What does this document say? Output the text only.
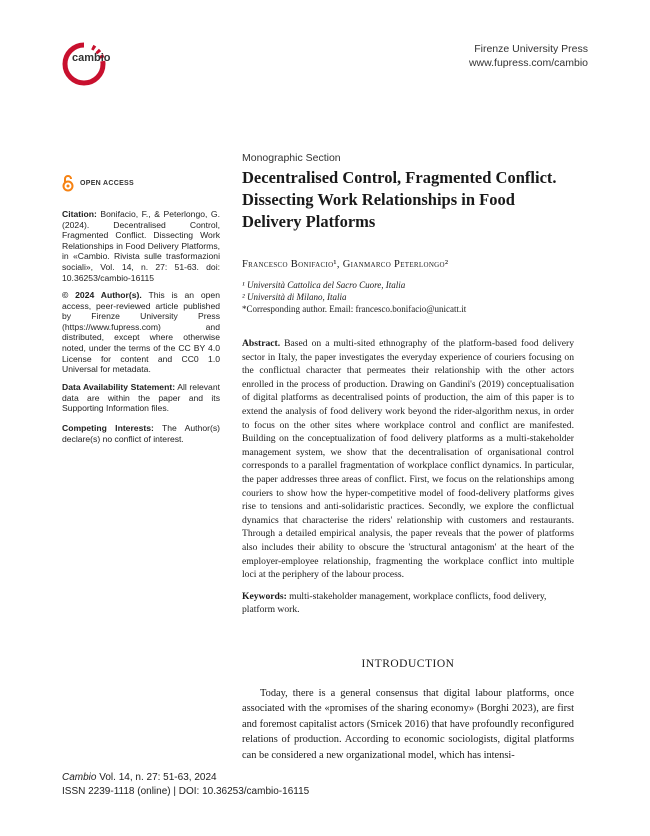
cambio
Firenze University Press
www.fupress.com/cambio
OPEN ACCESS
Citation: Bonifacio, F., & Peterlongo, G. (2024). Decentralised Control, Fragmented Conflict. Dissecting Work Relationships in Food Delivery Platforms, in «Cambio. Rivista sulle trasformazioni sociali», Vol. 14, n. 27: 51-63. doi: 10.36253/cambio-16115
© 2024 Author(s). This is an open access, peer-reviewed article published by Firenze University Press (https://www.fupress.com) and distributed, except where otherwise noted, under the terms of the CC BY 4.0 License for content and CC0 1.0 Universal for metadata.
Data Availability Statement: All relevant data are within the paper and its Supporting Information files.
Competing Interests: The Author(s) declare(s) no conflict of interest.
Monographic Section
Decentralised Control, Fragmented Conflict. Dissecting Work Relationships in Food Delivery Platforms
Francesco Bonifacio¹, Gianmarco Peterlongo²
¹ Università Cattolica del Sacro Cuore, Italia
² Università di Milano, Italia
*Corresponding author. Email: francesco.bonifacio@unicatt.it
Abstract. Based on a multi-sited ethnography of the platform-based food delivery sector in Italy, the paper investigates the everyday experience of couriers focusing on the conflictual character that permeates their relationship with the other actors enrolled in the process of production. Drawing on Gandini's (2019) conceptualisation of digital platforms as decentralised points of production, the aim of this paper is to extend the analysis of food delivery work beyond the rider-algorithm nexus, in order to focus on the other sites where workplace control and conflict are manifested. Building on the conceptualization of food delivery platforms as a multi-stakeholder management system, we show that the decentralisation of organisational control corresponds to a parallel fragmentation of workplace conflict dynamics. In particular, the paper addresses three areas of conflict. First, we focus on the relationships among couriers to show how the hyper-competitive model of food-delivery platforms gives rise to tensions and anti-solidaristic practices. Secondly, we explore the conflictual dynamics that characterise the riders' relationship with customers and restaurants. Through a detailed empirical analysis, the paper reveals that the power of platforms also includes their ability to obscure the 'structural antagonism' at the heart of the employer-employee relationship, fragmenting the workplace conflict into multiple loci at the periphery of the labour process.
Keywords: multi-stakeholder management, workplace conflicts, food delivery, platform work.
INTRODUCTION
Today, there is a general consensus that digital labour platforms, once associated with the «promises of the sharing economy» (Borghi 2023), are first and foremost capitalist actors (Srnicek 2016) that have profoundly reconfigured relations of production. According to economic sociologists, digital platforms can be considered a new organizational model, which has intensi-
Cambio Vol. 14, n. 27: 51-63, 2024
ISSN 2239-1118 (online) | DOI: 10.36253/cambio-16115
